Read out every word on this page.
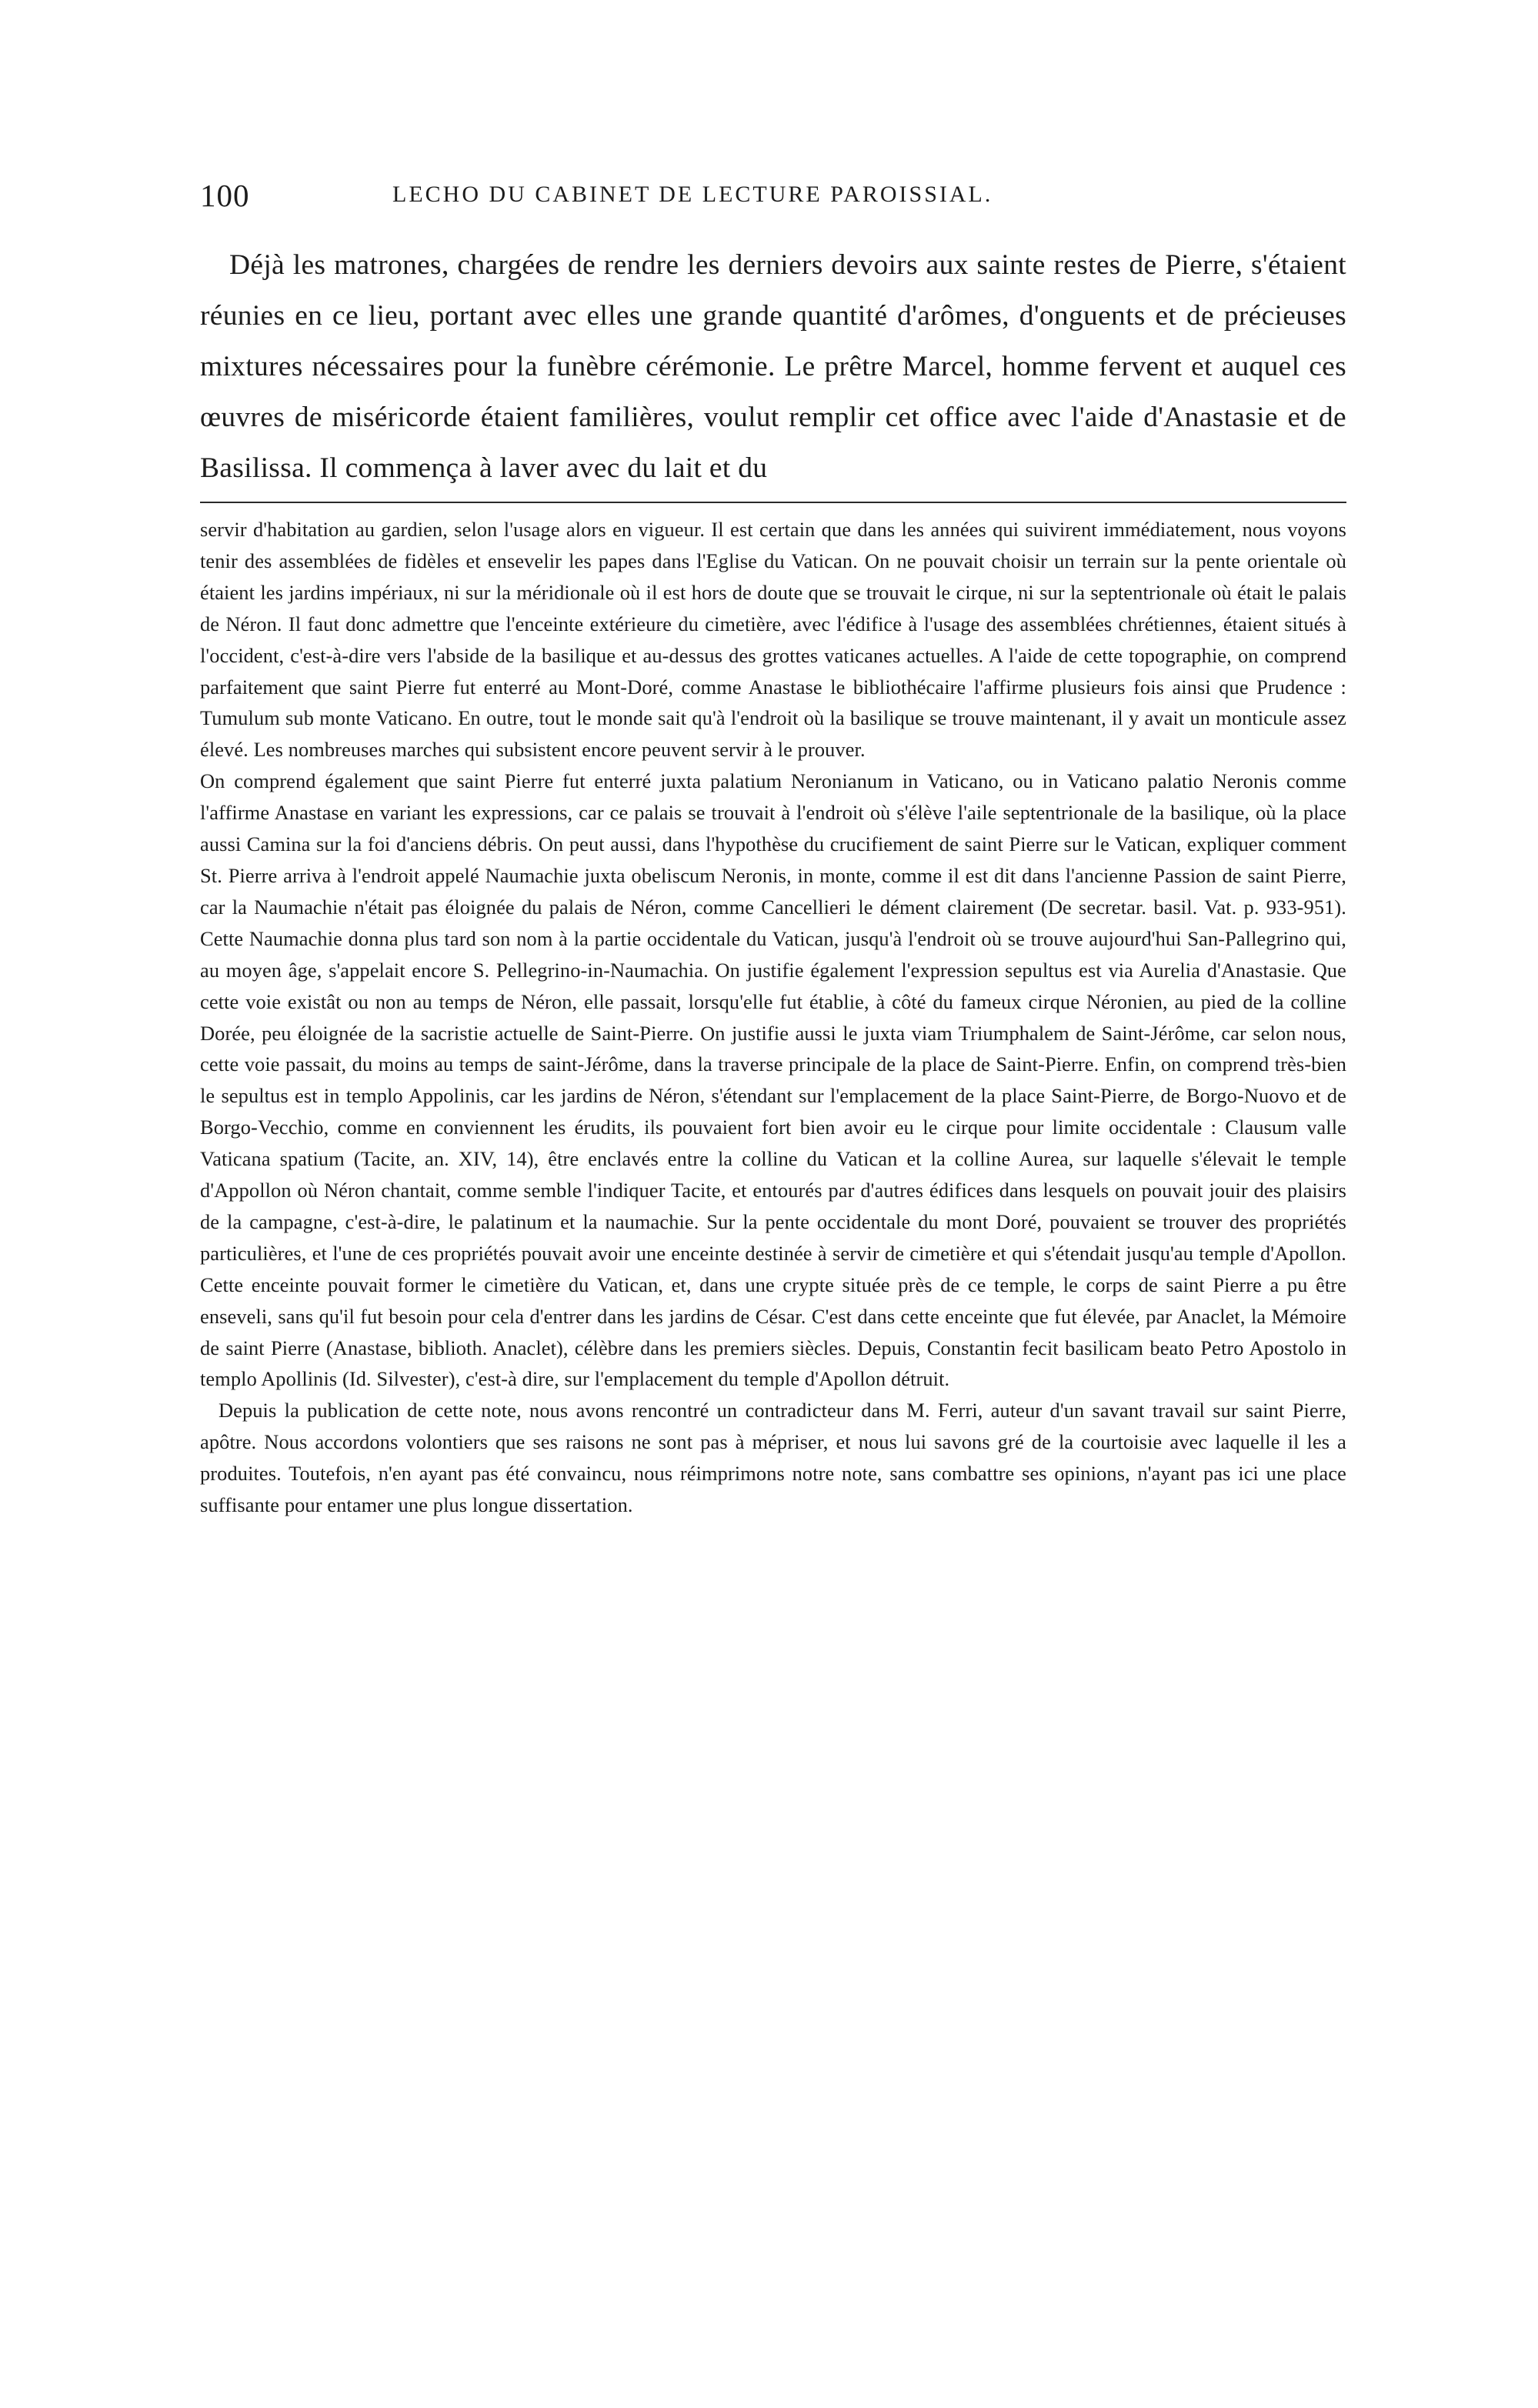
100	LECHO DU CABINET DE LECTURE PAROISSIAL.

Déjà les matrones, chargées de rendre les derniers devoirs aux sainte restes de Pierre, s'étaient réunies en ce lieu, portant avec elles une grande quantité d'arômes, d'onguents et de précieuses mixtures nécessaires pour la funèbre cérémonie. Le prêtre Marcel, homme fervent et auquel ces œuvres de miséricorde étaient familières, voulut remplir cet office avec l'aide d'Anastasie et de Basilissa. Il commença à laver avec du lait et du

servir d'habitation au gardien, selon l'usage alors en vigueur. Il est certain que dans les années qui suivirent immédiatement, nous voyons tenir des assemblées de fidèles et ensevelir les papes dans l'Eglise du Vatican. On ne pouvait choisir un terrain sur la pente orientale où étaient les jardins impériaux, ni sur la méridionale où il est hors de doute que se trouvait le cirque, ni sur la septentrionale où était le palais de Néron. Il faut donc admettre que l'enceinte extérieure du cimetière, avec l'édifice à l'usage des assemblées chrétiennes, étaient situés à l'occident, c'est-à-dire vers l'abside de la basilique et au-dessus des grottes vaticanes actuelles. A l'aide de cette topographie, on comprend parfaitement que saint Pierre fut enterré au Mont-Doré, comme Anastase le bibliothécaire l'affirme plusieurs fois ainsi que Prudence : Tumulum sub monte Vaticano. En outre, tout le monde sait qu'à l'endroit où la basilique se trouve maintenant, il y avait un monticule assez élevé. Les nombreuses marches qui subsistent encore peuvent servir à le prouver.

On comprend également que saint Pierre fut enterré juxta palatium Neronianum in Vaticano, ou in Vaticano palatio Neronis comme l'affirme Anastase en variant les expressions, car ce palais se trouvait à l'endroit où s'élève l'aile septentrionale de la basilique, où la place aussi Camina sur la foi d'anciens débris. On peut aussi, dans l'hypothèse du crucifiement de saint Pierre sur le Vatican, expliquer comment St. Pierre arriva à l'endroit appelé Naumachie juxta obeliscum Neronis, in monte, comme il est dit dans l'ancienne Passion de saint Pierre, car la Naumachie n'était pas éloignée du palais de Néron, comme Cancellieri le dément clairement (De secretar. basil. Vat. p. 933-951). Cette Naumachie donna plus tard son nom à la partie occidentale du Vatican, jusqu'à l'endroit où se trouve aujourd'hui San-Pallegrino qui, au moyen âge, s'appelait encore S. Pellegrino-in-Naumachia. On justifie également l'expression sepultus est via Aurelia d'Anastasie. Que cette voie existât ou non au temps de Néron, elle passait, lorsqu'elle fut établie, à côté du fameux cirque Néronien, au pied de la colline Dorée, peu éloignée de la sacristie actuelle de Saint-Pierre. On justifie aussi le juxta viam Triumphalem de Saint-Jérôme, car selon nous, cette voie passait, du moins au temps de saint-Jérôme, dans la traverse principale de la place de Saint-Pierre. Enfin, on comprend très-bien le sepultus est in templo Appolinis, car les jardins de Néron, s'étendant sur l'emplacement de la place Saint-Pierre, de Borgo-Nuovo et de Borgo-Vecchio, comme en conviennent les érudits, ils pouvaient fort bien avoir eu le cirque pour limite occidentale : Clausum valle Vaticana spatium (Tacite, an. XIV, 14), être enclavés entre la colline du Vatican et la colline Aurea, sur laquelle s'élevait le temple d'Appollon où Néron chantait, comme semble l'indiquer Tacite, et entourés par d'autres édifices dans lesquels on pouvait jouir des plaisirs de la campagne, c'est-à-dire, le palatinum et la naumachie. Sur la pente occidentale du mont Doré, pouvaient se trouver des propriétés particulières, et l'une de ces propriétés pouvait avoir une enceinte destinée à servir de cimetière et qui s'étendait jusqu'au temple d'Apollon. Cette enceinte pouvait former le cimetière du Vatican, et, dans une crypte située près de ce temple, le corps de saint Pierre a pu être enseveli, sans qu'il fut besoin pour cela d'entrer dans les jardins de César. C'est dans cette enceinte que fut élevée, par Anaclet, la Mémoire de saint Pierre (Anastase, biblioth. Anaclet), célèbre dans les premiers siècles. Depuis, Constantin fecit basilicam beato Petro Apostolo in templo Apollinis (Id. Silvester), c'est-à dire, sur l'emplacement du temple d'Apollon détruit.

Depuis la publication de cette note, nous avons rencontré un contradicteur dans M. Ferri, auteur d'un savant travail sur saint Pierre, apôtre. Nous accordons volontiers que ses raisons ne sont pas à mépriser, et nous lui savons gré de la courtoisie avec laquelle il les a produites. Toutefois, n'en ayant pas été convaincu, nous réimprimons notre note, sans combattre ses opinions, n'ayant pas ici une place suffisante pour entamer une plus longue dissertation.
